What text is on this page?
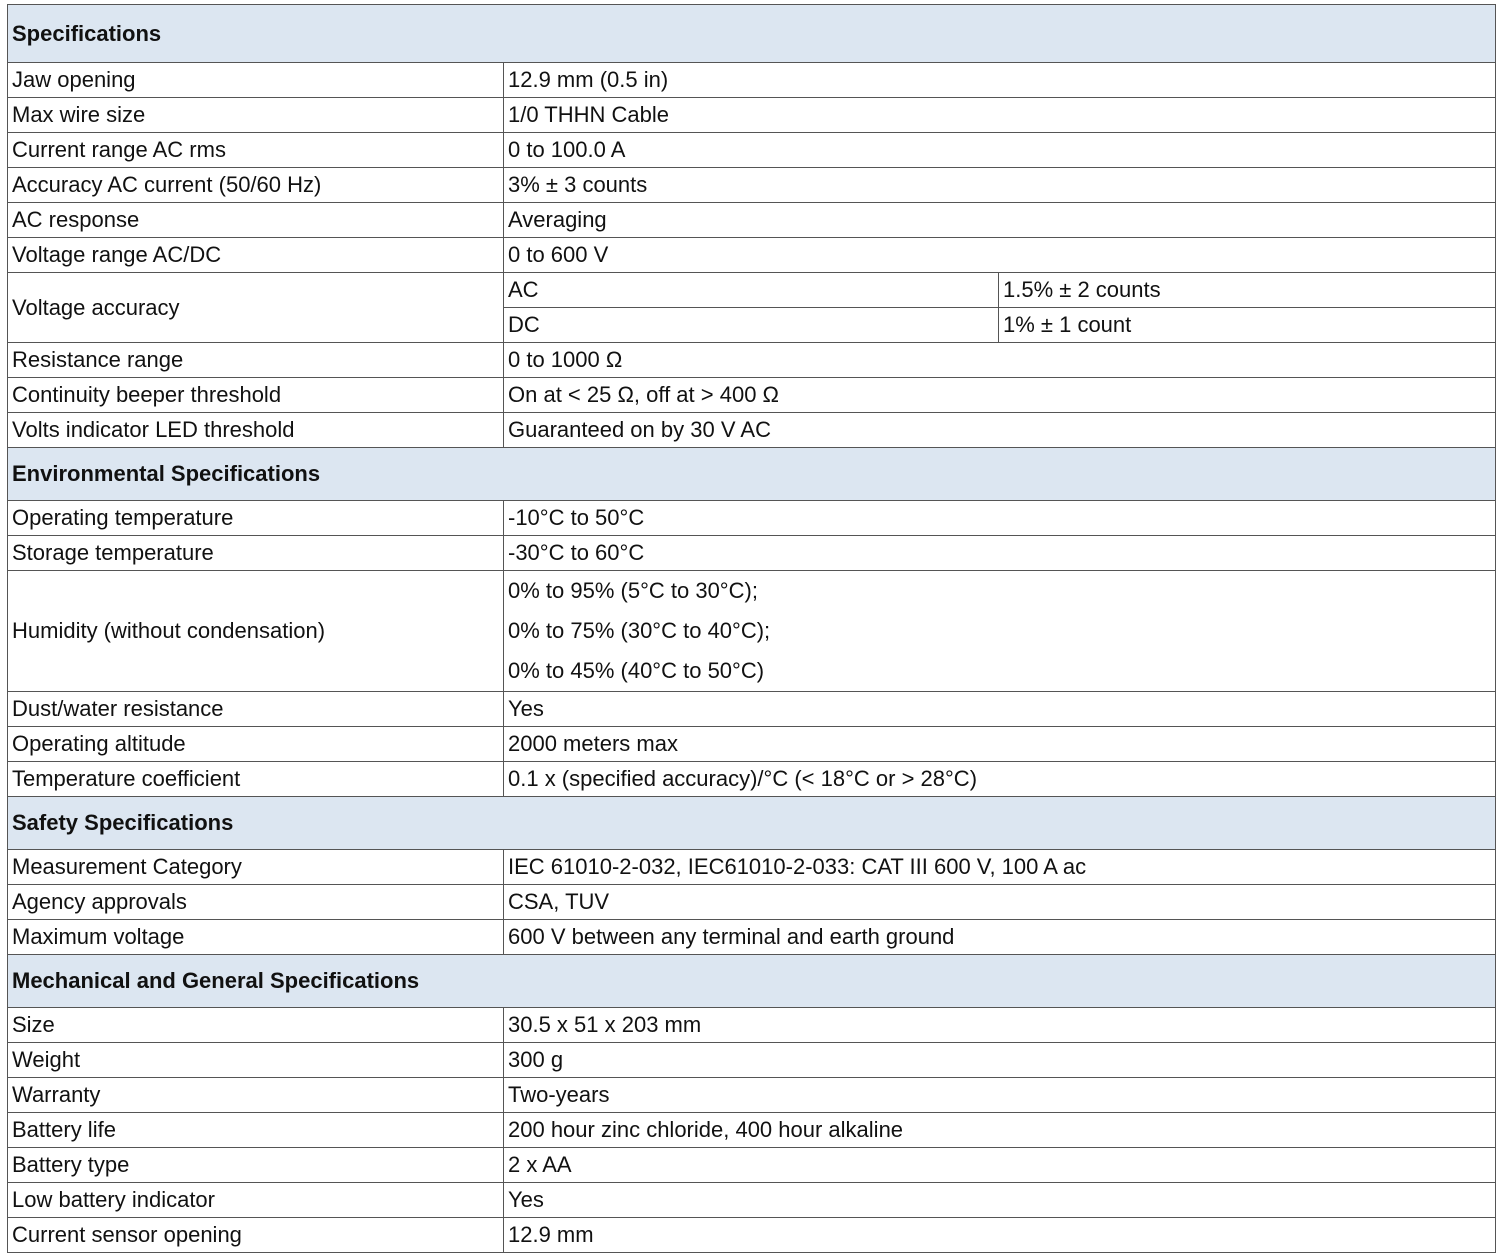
Specifications		
Jaw opening	12.9 mm (0.5 in)	
Max wire size	1/0 THHN Cable	
Current range AC rms	0 to 100.0 A	
Accuracy AC current (50/60 Hz)	3% ± 3 counts	
AC response	Averaging	
Voltage range AC/DC	0 to 600 V	
Voltage accuracy	AC	1.5% ± 2 counts
	DC	1% ± 1 count
Resistance range	0 to 1000 Ω	
Continuity beeper threshold	On at < 25 Ω, off at > 400 Ω	
Volts indicator LED threshold	Guaranteed on by 30 V AC	
Environmental Specifications		
Operating temperature	-10°C to 50°C	
Storage temperature	-30°C to 60°C	
Humidity (without condensation)	0% to 95% (5°C to 30°C);
0% to 75% (30°C to 40°C);
0% to 45% (40°C to 50°C)	

Dust/water resistance	Yes	
Operating altitude	2000 meters max	
Temperature coefficient	0.1 x (specified accuracy)/°C (< 18°C or > 28°C)	
Safety Specifications		
Measurement Category	IEC 61010-2-032, IEC61010-2-033: CAT III 600 V, 100 A ac	
Agency approvals	CSA, TUV	
Maximum voltage	600 V between any terminal and earth ground	
Mechanical and General Specifications		
Size	30.5 x 51 x 203 mm	
Weight	300 g	
Warranty	Two-years	
Battery life	200 hour zinc chloride, 400 hour alkaline	
Battery type	2 x AA	
Low battery indicator	Yes	
Current sensor opening	12.9 mm	
